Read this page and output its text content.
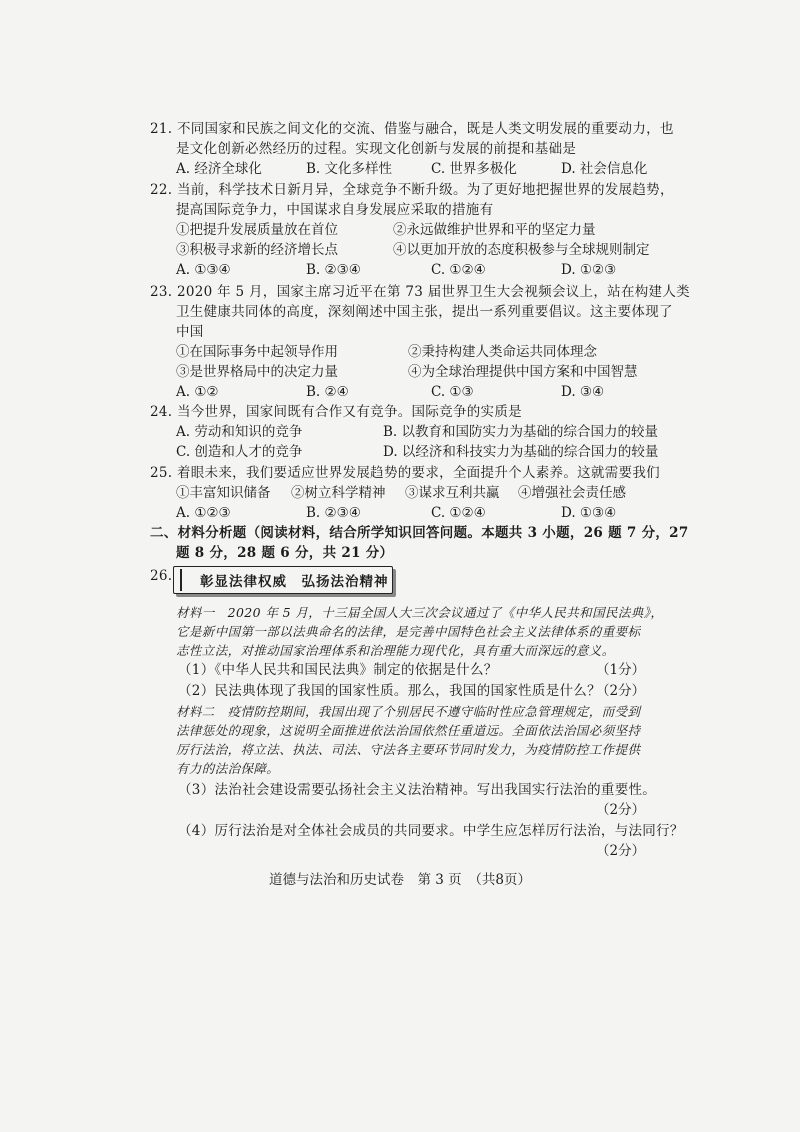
21. 不同国家和民族之间文化的交流、借鉴与融合，既是人类文明发展的重要动力，也
是文化创新必然经历的过程。实现文化创新与发展的前提和基础是
A. 经济全球化	B. 文化多样性	C. 世界多极化	D. 社会信息化
22. 当前，科学技术日新月异，全球竞争不断升级。为了更好地把握世界的发展趋势，
提高国际竞争力，中国谋求自身发展应采取的措施有
①把提升发展质量放在首位	②永远做维护世界和平的坚定力量
③积极寻求新的经济增长点	④以更加开放的态度积极参与全球规则制定
A. ①③④	B. ②③④	C. ①②④	D. ①②③
23. 2020 年 5 月，国家主席习近平在第 73 届世界卫生大会视频会议上，站在构建人类
卫生健康共同体的高度，深刻阐述中国主张，提出一系列重要倡议。这主要体现了
中国
①在国际事务中起领导作用	②秉持构建人类命运共同体理念
③是世界格局中的决定力量	④为全球治理提供中国方案和中国智慧
A. ①②	B. ②④	C. ①③	D. ③④
24. 当今世界，国家间既有合作又有竞争。国际竞争的实质是
A. 劳动和知识的竞争	B. 以教育和国防实力为基础的综合国力的较量
C. 创造和人才的竞争	D. 以经济和科技实力为基础的综合国力的较量
25. 着眼未来，我们要适应世界发展趋势的要求，全面提升个人素养。这就需要我们
①丰富知识储备 ②树立科学精神 ③谋求互利共赢 ④增强社会责任感
A. ①②③	B. ②③④	C. ①②④	D. ①③④
二、材料分析题（阅读材料，结合所学知识回答问题。本题共 3 小题，26 题 7 分，27
题 8 分，28 题 6 分，共 21 分）
26. 彰显法律权威　弘扬法治精神
材料一　2020 年 5 月，十三届全国人大三次会议通过了《中华人民共和国民法典》，
它是新中国第一部以法典命名的法律，是完善中国特色社会主义法律体系的重要标
志性立法，对推动国家治理体系和治理能力现代化，具有重大而深远的意义。
（1）《中华人民共和国民法典》制定的依据是什么？	（1分）
（2）民法典体现了我国的国家性质。那么，我国的国家性质是什么？
（2分）
材料二　疫情防控期间，我国出现了个别居民不遵守临时性应急管理规定，而受到
法律惩处的现象，这说明全面推进依法治国依然任重道远。全面依法治国必须坚持
厉行法治，将立法、执法、司法、守法各主要环节同时发力，为疫情防控工作提供
有力的法治保障。
（3）法治社会建设需要弘扬社会主义法治精神。写出我国实行法治的重要性。
（2分）
（4）厉行法治是对全体社会成员的共同要求。中学生应怎样厉行法治，与法同行？
（2分）
道德与法治和历史试卷　第 3 页　（共8页）
